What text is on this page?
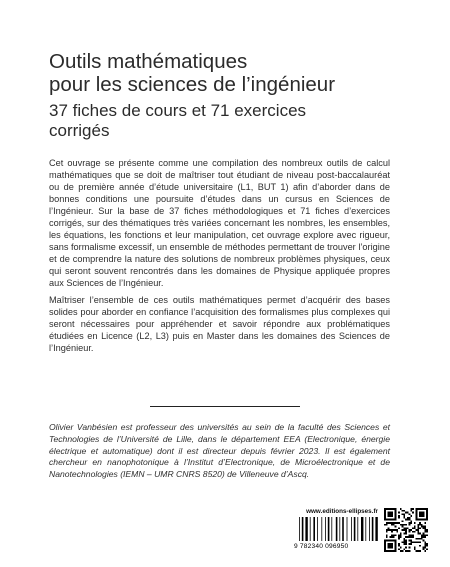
Outils mathématiques
pour les sciences de l’ingénieur
37 fiches de cours et 71 exercices
corrigés

Cet ouvrage se présente comme une compilation des nombreux outils de calcul mathématiques que se doit de maîtriser tout étudiant de niveau post-baccalauréat ou de première année d’étude universitaire (L1, BUT 1) afin d’aborder dans de bonnes conditions une poursuite d’études dans un cursus en Sciences de l’Ingénieur. Sur la base de 37 fiches méthodologiques et 71 fiches d’exercices corrigés, sur des thématiques très variées concernant les nombres, les ensembles, les équations, les fonctions et leur manipulation, cet ouvrage explore avec rigueur, sans formalisme excessif, un ensemble de méthodes permettant de trouver l’origine et de comprendre la nature des solutions de nombreux problèmes physiques, ceux qui seront souvent rencontrés dans les domaines de Physique appliquée propres aux Sciences de l’Ingénieur.

Maîtriser l’ensemble de ces outils mathématiques permet d’acquérir des bases solides pour aborder en confiance l’acquisition des formalismes plus complexes qui seront nécessaires pour appréhender et savoir répondre aux problématiques étudiées en Licence (L2, L3) puis en Master dans les domaines des Sciences de l’Ingénieur.

Olivier Vanbésien est professeur des universités au sein de la faculté des Sciences et Technologies de l’Université de Lille, dans le département EEA (Electronique, énergie électrique et automatique) dont il est directeur depuis février 2023. Il est également chercheur en nanophotonique à l’Institut d’Electronique, de Microélectronique et de Nanotechnologies (IEMN – UMR CNRS 8520) de Villeneuve d’Ascq.

www.editions-ellipses.fr
9 782340 096950
